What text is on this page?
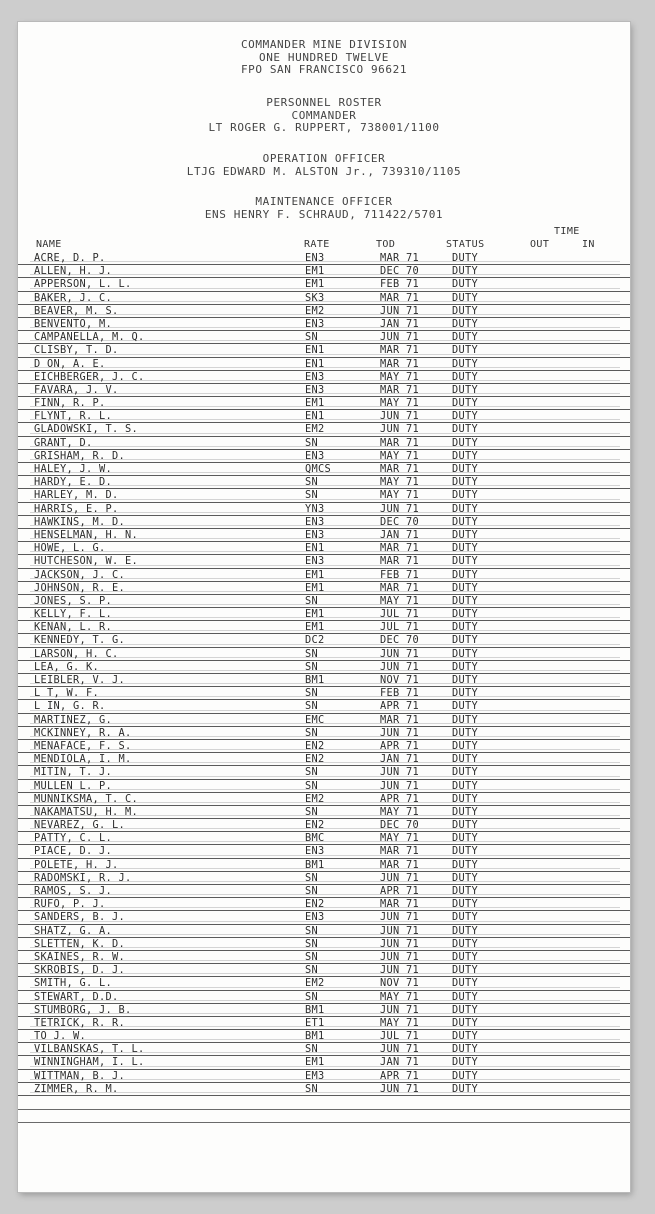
COMMANDER MINE DIVISION
ONE HUNDRED TWELVE
FPO SAN FRANCISCO 96621
PERSONNEL ROSTER
COMMANDER
LT ROGER G. RUPPERT, 738001/1100
OPERATION OFFICER
LTJG EDWARD M. ALSTON Jr., 739310/1105
MAINTENANCE OFFICER
ENS HENRY F. SCHRAUD, 711422/5701
TIME
NAME	RATE	TOD	STATUS	OUT	IN
ACRE, D. P.	EN3	MAR 71	DUTY
ALLEN, H. J.	EM1	DEC 70	DUTY
APPERSON, L. L.	EM1	FEB 71	DUTY
BAKER, J. C.	SK3	MAR 71	DUTY
BEAVER, M. S.	EM2	JUN 71	DUTY
BENVENTO, M.	EN3	JAN 71	DUTY
CAMPANELLA, M. Q.	SN	JUN 71	DUTY
CLISBY, T. D.	EN1	MAR 71	DUTY
D ON, A. E.	EN1	MAR 71	DUTY
EICHBERGER, J. C.	EN3	MAY 71	DUTY
FAVARA, J. V.	EN3	MAR 71	DUTY
FINN, R. P.	EM1	MAY 71	DUTY
FLYNT, R. L.	EN1	JUN 71	DUTY
GLADOWSKI, T. S.	EM2	JUN 71	DUTY
GRANT, D.	SN	MAR 71	DUTY
GRISHAM, R. D.	EN3	MAY 71	DUTY
HALEY, J. W.	QMCS	MAR 71	DUTY
HARDY, E. D.	SN	MAY 71	DUTY
HARLEY, M. D.	SN	MAY 71	DUTY
HARRIS, E. P.	YN3	JUN 71	DUTY
HAWKINS, M. D.	EN3	DEC 70	DUTY
HENSELMAN, H. N.	EN3	JAN 71	DUTY
HOWE, L. G.	EN1	MAR 71	DUTY
HUTCHESON, W. E.	EN3	MAR 71	DUTY
JACKSON, J. C.	EM1	FEB 71	DUTY
JOHNSON, R. E.	EM1	MAR 71	DUTY
JONES, S. P.	SN	MAY 71	DUTY
KELLY, F. L.	EM1	JUL 71	DUTY
KENAN, L. R.	EM1	JUL 71	DUTY
KENNEDY, T. G.	DC2	DEC 70	DUTY
LARSON, H. C.	SN	JUN 71	DUTY
LEA, G. K.	SN	JUN 71	DUTY
LEIBLER, V. J.	BM1	NOV 71	DUTY
L T, W. F.	SN	FEB 71	DUTY
L IN, G. R.	SN	APR 71	DUTY
MARTINEZ, G.	EMC	MAR 71	DUTY
MCKINNEY, R. A.	SN	JUN 71	DUTY
MENAFACE, F. S.	EN2	APR 71	DUTY
MENDIOLA, I. M.	EN2	JAN 71	DUTY
MITIN, T. J.	SN	JUN 71	DUTY
MULLEN L. P.	SN	JUN 71	DUTY
MUNNIKSMA, T. C.	EM2	APR 71	DUTY
NAKAMATSU, H. M.	SN	MAY 71	DUTY
NEVAREZ, G. L.	EN2	DEC 70	DUTY
PATTY, C. L.	BMC	MAY 71	DUTY
PIACE, D. J.	EN3	MAR 71	DUTY
POLETE, H. J.	BM1	MAR 71	DUTY
RADOMSKI, R. J.	SN	JUN 71	DUTY
RAMOS, S. J.	SN	APR 71	DUTY
RUFO, P. J.	EN2	MAR 71	DUTY
SANDERS, B. J.	EN3	JUN 71	DUTY
SHATZ, G. A.	SN	JUN 71	DUTY
SLETTEN, K. D.	SN	JUN 71	DUTY
SKAINES, R. W.	SN	JUN 71	DUTY
SKROBIS, D. J.	SN	JUN 71	DUTY
SMITH, G. L.	EM2	NOV 71	DUTY
STEWART, D.D.	SN	MAY 71	DUTY
STUMBORG, J. B.	BM1	JUN 71	DUTY
TETRICK, R. R.	ET1	MAY 71	DUTY
TO J. W.	BM1	JUL 71	DUTY
VILBANSKAS, T. L.	SN	JUN 71	DUTY
WINNINGHAM, I. L.	EM1	JAN 71	DUTY
WITTMAN, B. J.	EM3	APR 71	DUTY
ZIMMER, R. M.	SN	JUN 71	DUTY
